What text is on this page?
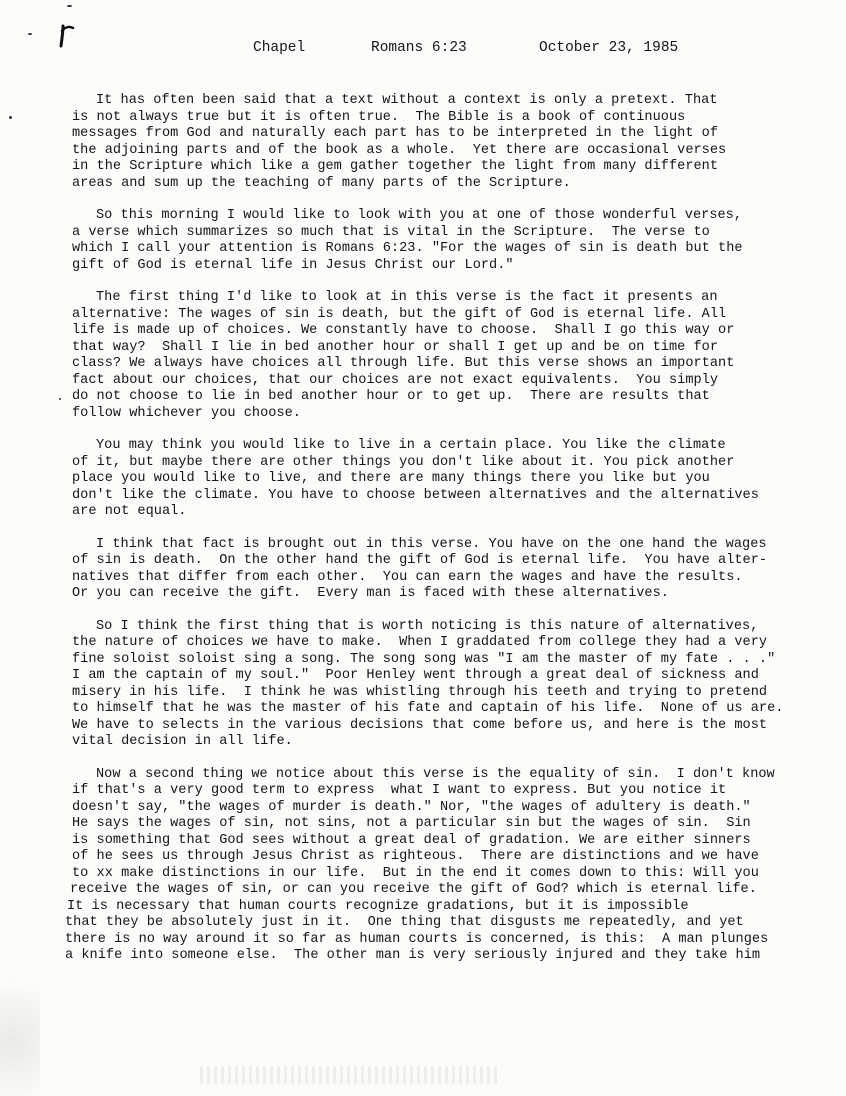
Chapel	Romans 6:23	October 23, 1985
It has often been said that a text without a context is only a pretext. That
is not always true but it is often true.  The Bible is a book of continuous
messages from God and naturally each part has to be interpreted in the light of
the adjoining parts and of the book as a whole.  Yet there are occasional verses
in the Scripture which like a gem gather together the light from many different
areas and sum up the teaching of many parts of the Scripture.
So this morning I would like to look with you at one of those wonderful verses,
a verse which summarizes so much that is vital in the Scripture.  The verse to
which I call your attention is Romans 6:23. "For the wages of sin is death but the
gift of God is eternal life in Jesus Christ our Lord."
The first thing I'd like to look at in this verse is the fact it presents an
alternative: The wages of sin is death, but the gift of God is eternal life. All
life is made up of choices. We constantly have to choose.  Shall I go this way or
that way?  Shall I lie in bed another hour or shall I get up and be on time for
class? We always have choices all through life. But this verse shows an important
fact about our choices, that our choices are not exact equivalents.  You simply
do not choose to lie in bed another hour or to get up.  There are results that
follow whichever you choose.
You may think you would like to live in a certain place. You like the climate
of it, but maybe there are other things you don't like about it. You pick another
place you would like to live, and there are many things there you like but you
don't like the climate. You have to choose between alternatives and the alternatives
are not equal.
I think that fact is brought out in this verse. You have on the one hand the wages
of sin is death.  On the other hand the gift of God is eternal life.  You have alter-
natives that differ from each other.  You can earn the wages and have the results.
Or you can receive the gift.  Every man is faced with these alternatives.
So I think the first thing that is worth noticing is this nature of alternatives,
the nature of choices we have to make.  When I graddated from college they had a very
fine soloist soloist sing a song. The song song was "I am the master of my fate . . ."
I am the captain of my soul."  Poor Henley went through a great deal of sickness and
misery in his life.  I think he was whistling through his teeth and trying to pretend
to himself that he was the master of his fate and captain of his life.  None of us are.
We have to selects in the various decisions that come before us, and here is the most
vital decision in all life.
Now a second thing we notice about this verse is the equality of sin.  I don't know
if that's a very good term to express  what I want to express. But you notice it
doesn't say, "the wages of murder is death." Nor, "the wages of adultery is death."
He says the wages of sin, not sins, not a particular sin but the wages of sin.  Sin
is something that God sees without a great deal of gradation. We are either sinners
of he sees us through Jesus Christ as righteous.  There are distinctions and we have
to xx make distinctions in our life.  But in the end it comes down to this: Will you
receive the wages of sin, or can you receive the gift of God? which is eternal life.
It is necessary that human courts recognize gradations, but it is impossible
that they be absolutely just in it.  One thing that disgusts me repeatedly, and yet
there is no way around it so far as human courts is concerned, is this:  A man plunges
a knife into someone else.  The other man is very seriously injured and they take him
